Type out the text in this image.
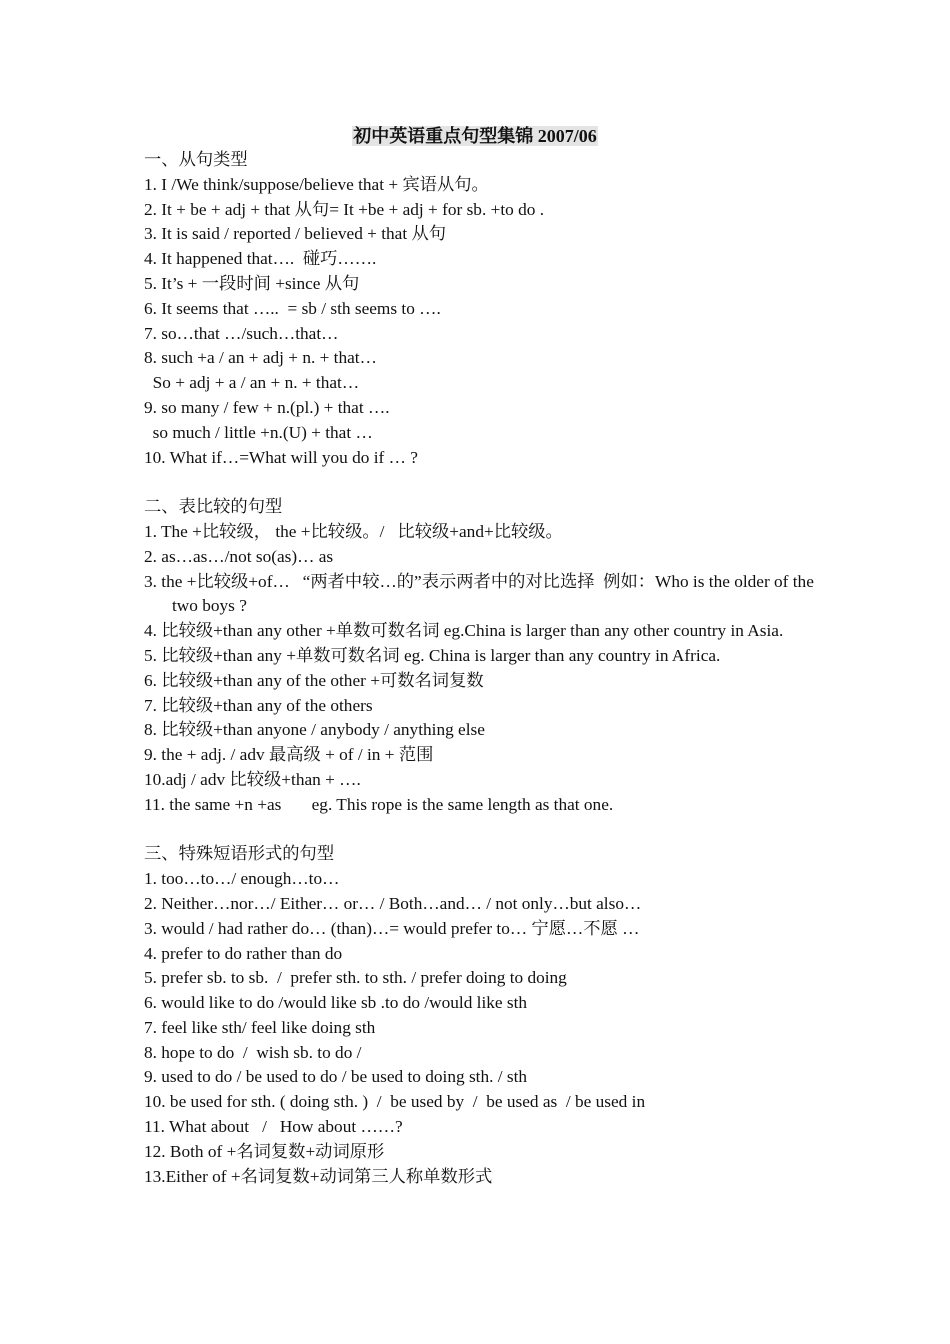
初中英语重点句型集锦 2007/06
一、从句类型
1. I /We think/suppose/believe that + 宾语从句。
2. It + be + adj + that 从句= It +be + adj + for sb. +to do .
3. It is said / reported / believed + that 从句
4. It happened that….  碰巧…….
5. It’s + 一段时间 +since 从句
6. It seems that …..  = sb / sth seems to ….
7. so…that …/such…that…
8. such +a / an + adj + n. + that…
So + adj + a / an + n. + that…
9. so many / few + n.(pl.) + that ….
so much / little +n.(U) + that …
10. What if…=What will you do if … ?
二、表比较的句型
1. The +比较级， the +比较级。/   比较级+and+比较级。
2. as…as…/not so(as)… as
3. the +比较级+of…   “两者中较…的”表示两者中的对比选择  例如：Who is the older of the two boys ?
4. 比较级+than any other +单数可数名词 eg.China is larger than any other country in Asia.
5. 比较级+than any +单数可数名词 eg. China is larger than any country in Africa.
6. 比较级+than any of the other +可数名词复数
7. 比较级+than any of the others
8. 比较级+than anyone / anybody / anything else
9. the + adj. / adv 最高级 + of / in + 范围
10.adj / adv 比较级+than + ….
11. the same +n +as       eg. This rope is the same length as that one.
三、特殊短语形式的句型
1. too…to…/ enough…to…
2. Neither…nor…/ Either… or… / Both…and… / not only…but also…
3. would / had rather do… (than)…= would prefer to… 宁愿…不愿 …
4. prefer to do rather than do
5. prefer sb. to sb.  /  prefer sth. to sth. / prefer doing to doing
6. would like to do /would like sb .to do /would like sth
7. feel like sth/ feel like doing sth
8. hope to do  /  wish sb. to do /
9. used to do / be used to do / be used to doing sth. / sth
10. be used for sth. ( doing sth. )  /  be used by  /  be used as  / be used in
11. What about   /   How about ……?
12. Both of +名词复数+动词原形
13.Either of +名词复数+动词第三人称单数形式
